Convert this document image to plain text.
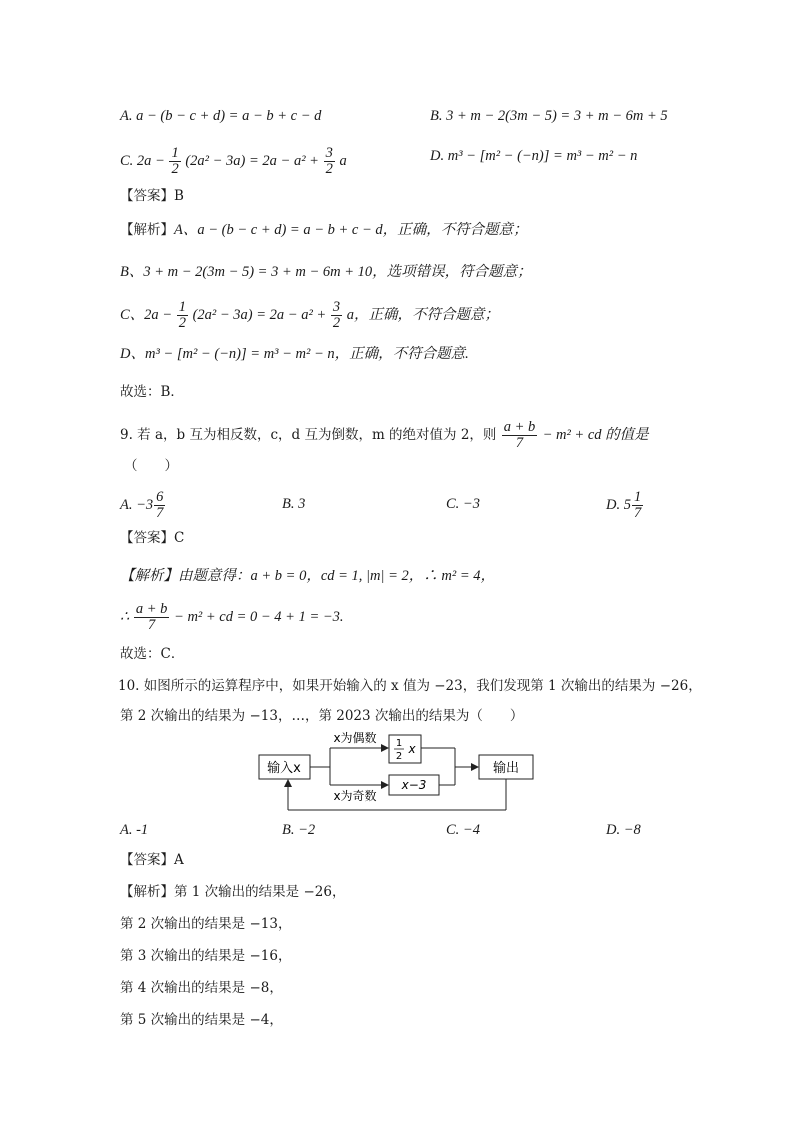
A. a − (b − c + d) = a − b + c − d	B. 3 + m − 2(3m − 5) = 3 + m − 6m + 5
C. $2a - \frac{1}{2} (2a^2 - 3a) = 2a - a^2 + \frac{3}{2}$ a	D. m³ − [m² − (−n)] = m³ − m² − n
【答案】B
【解析】A、a − (b − c + d) = a − b + c − d，正确，不符合题意；
B、3 + m − 2(3m − 5) = 3 + m − 6m + 10，选项错误，符合题意；
C、$2a - \frac{1}{2} (2a^2 - 3a) = 2a - a^2 + \frac{3}{2}$ a，正确，不符合题意；
D、m³ − [m² − (−n)] = m³ − m² − n，正确，不符合题意.
故选：B．
9. 若 a，b 互为相反数，c，d 互为倒数，m 的绝对值为 2，则 $\frac{a + b}{7} - m^2$ + cd 的值是
（　　）
A. $-3 \frac{6}{7}$	B. 3	C. −3	D. $5 \frac{1}{7}$
【答案】C
【解析】由题意得：a + b = 0，cd = 1, |m| = 2，∴ m² = 4，
∴ $\frac{a + b}{7} - m^2$ + cd = 0 − 4 + 1 = −3.
故选：C．
10. 如图所示的运算程序中，如果开始输入的 x 值为 −23，我们发现第 1 次输出的结果为 −26，
第 2 次输出的结果为 −13，…，第 2023 次输出的结果为（　　）
输入x	输出
1
2
x
x−3
x为偶数
x为奇数
A. -1	B. −2	C. −4	D. −8
【答案】A
【解析】第 1 次输出的结果是 −26，
第 2 次输出的结果是 −13，
第 3 次输出的结果是 −16，
第 4 次输出的结果是 −8，
第 5 次输出的结果是 −4，
